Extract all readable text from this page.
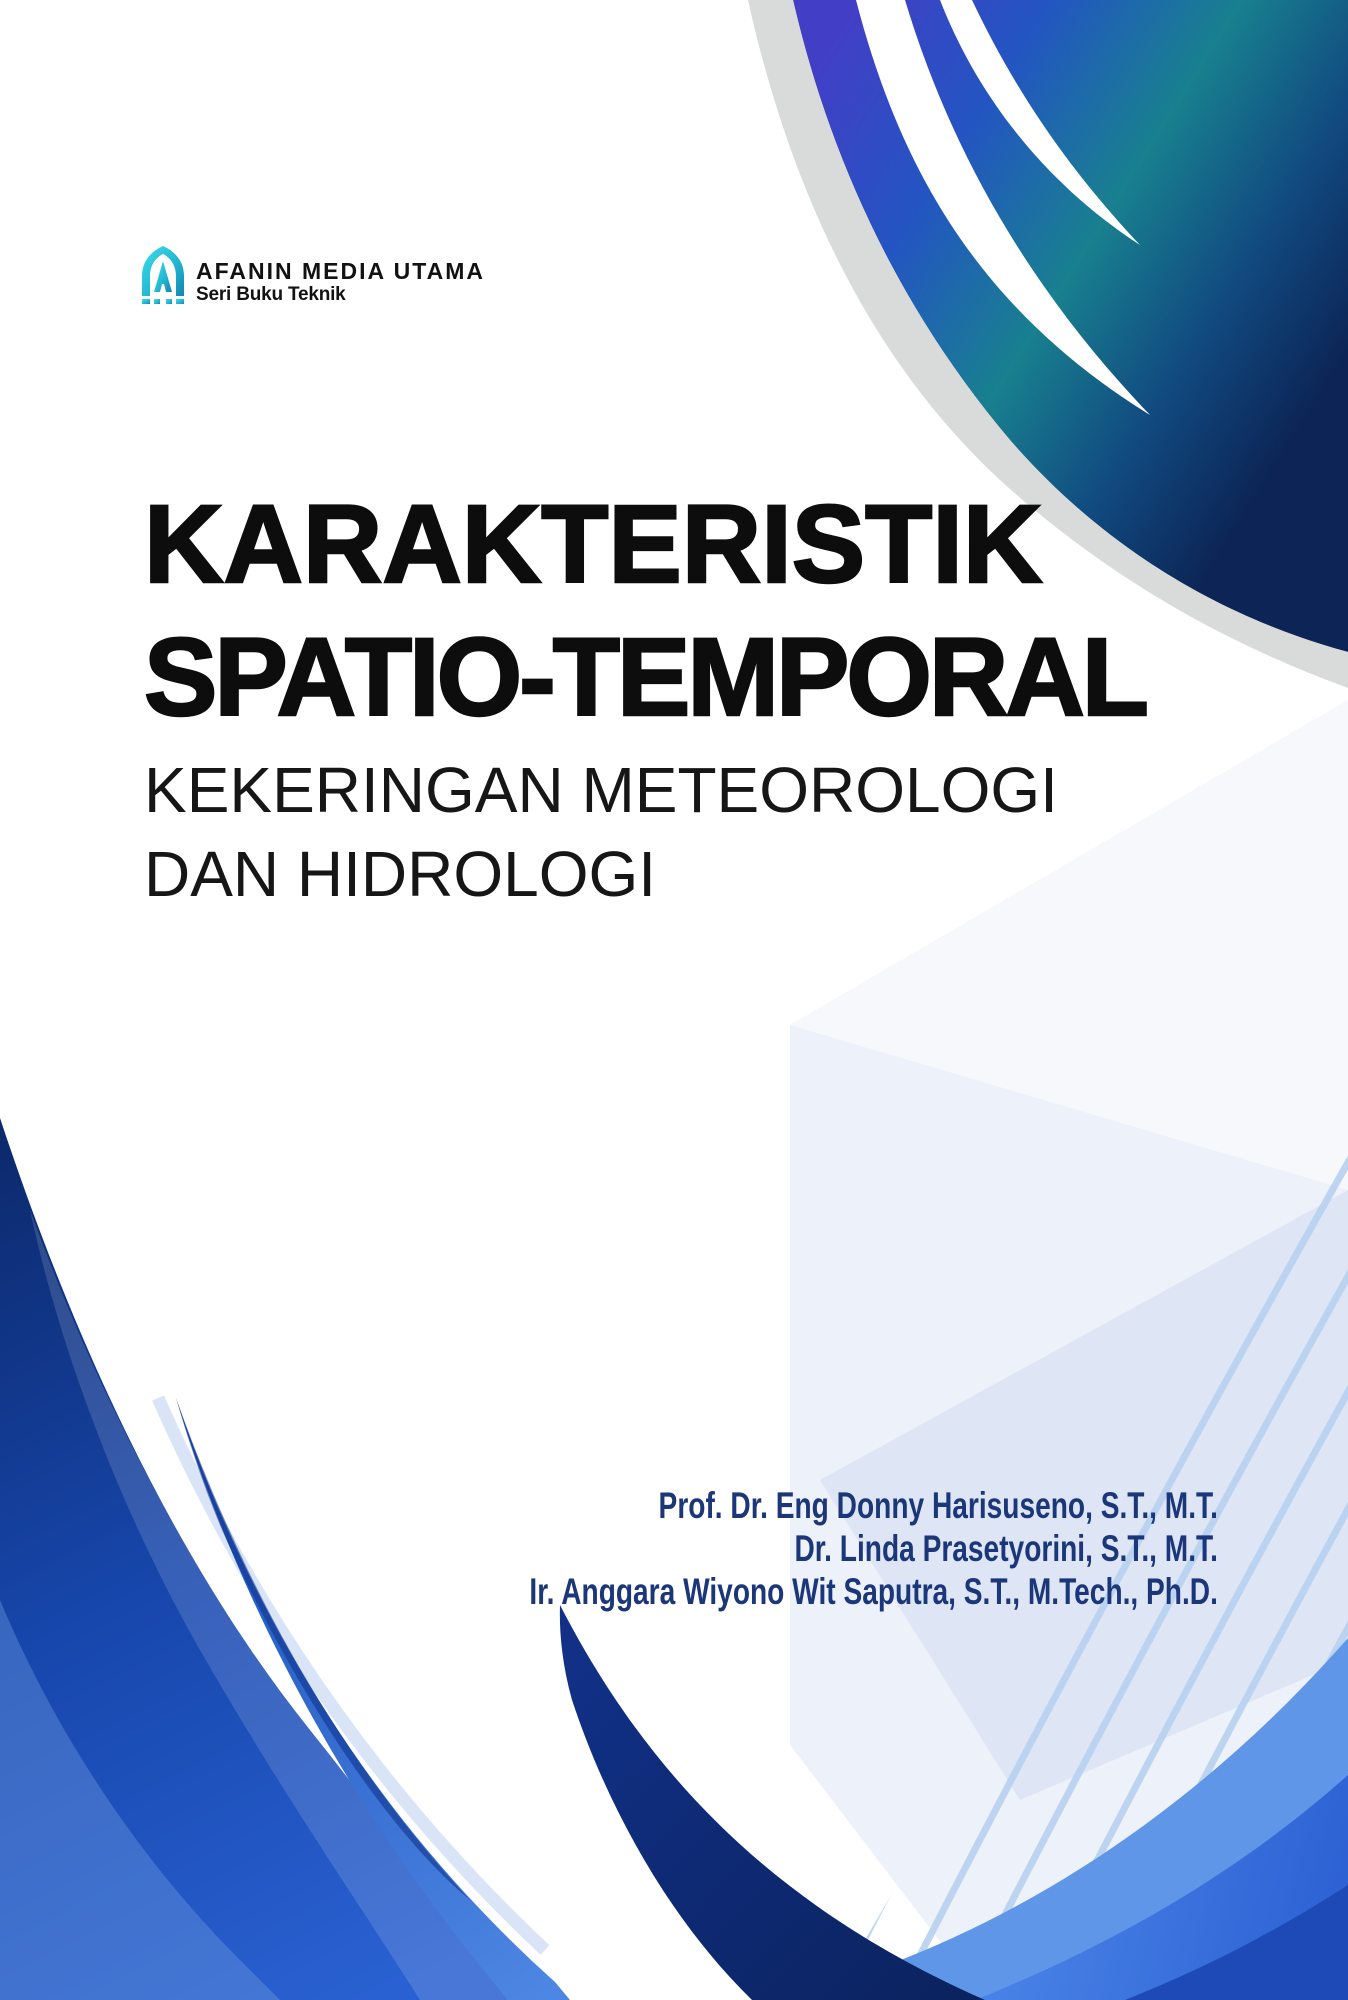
AFANIN MEDIA UTAMA
Seri Buku Teknik
KARAKTERISTIK
SPATIO-TEMPORAL
KEKERINGAN METEOROLOGI
DAN HIDROLOGI
Prof. Dr. Eng Donny Harisuseno, S.T., M.T.
Dr. Linda Prasetyorini, S.T., M.T.
Ir. Anggara Wiyono Wit Saputra, S.T., M.Tech., Ph.D.
